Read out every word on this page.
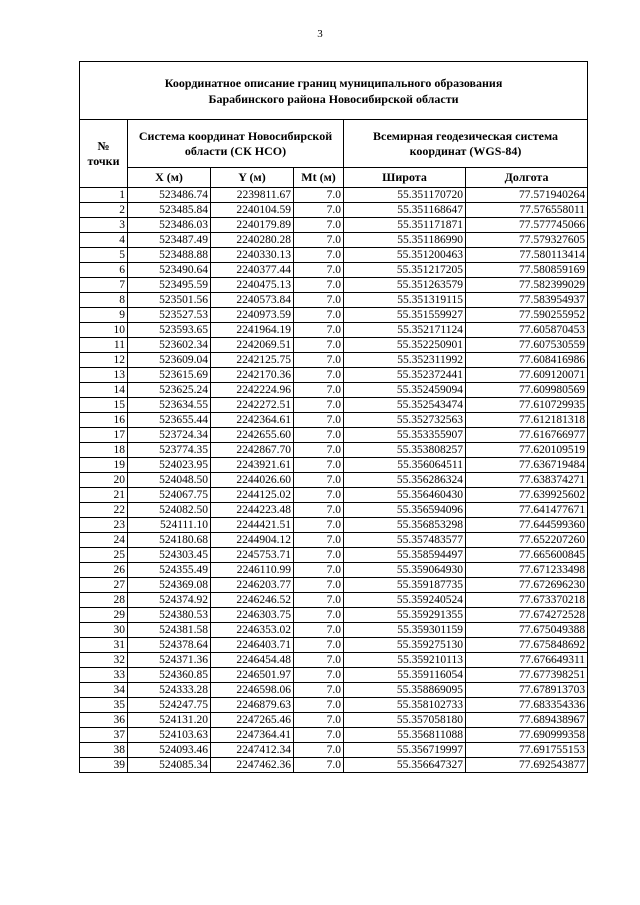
3
Координатное описание границ муниципального образования
Барабинского района Новосибирской области					

№
точки	Система координат Новосибирской области (СК НСО)			Всемирная геодезическая система координат (WGS-84)	
	X (м)	Y (м)	Mt (м)	Широта	Долгота
1	523486.74	2239811.67	7.0	55.351170720	77.571940264
2	523485.84	2240104.59	7.0	55.351168647	77.576558011
3	523486.03	2240179.89	7.0	55.351171871	77.577745066
4	523487.49	2240280.28	7.0	55.351186990	77.579327605
5	523488.88	2240330.13	7.0	55.351200463	77.580113414
6	523490.64	2240377.44	7.0	55.351217205	77.580859169
7	523495.59	2240475.13	7.0	55.351263579	77.582399029
8	523501.56	2240573.84	7.0	55.351319115	77.583954937
9	523527.53	2240973.59	7.0	55.351559927	77.590255952
10	523593.65	2241964.19	7.0	55.352171124	77.605870453
11	523602.34	2242069.51	7.0	55.352250901	77.607530559
12	523609.04	2242125.75	7.0	55.352311992	77.608416986
13	523615.69	2242170.36	7.0	55.352372441	77.609120071
14	523625.24	2242224.96	7.0	55.352459094	77.609980569
15	523634.55	2242272.51	7.0	55.352543474	77.610729935
16	523655.44	2242364.61	7.0	55.352732563	77.612181318
17	523724.34	2242655.60	7.0	55.353355907	77.616766977
18	523774.35	2242867.70	7.0	55.353808257	77.620109519
19	524023.95	2243921.61	7.0	55.356064511	77.636719484
20	524048.50	2244026.60	7.0	55.356286324	77.638374271
21	524067.75	2244125.02	7.0	55.356460430	77.639925602
22	524082.50	2244223.48	7.0	55.356594096	77.641477671
23	524111.10	2244421.51	7.0	55.356853298	77.644599360
24	524180.68	2244904.12	7.0	55.357483577	77.652207260
25	524303.45	2245753.71	7.0	55.358594497	77.665600845
26	524355.49	2246110.99	7.0	55.359064930	77.671233498
27	524369.08	2246203.77	7.0	55.359187735	77.672696230
28	524374.92	2246246.52	7.0	55.359240524	77.673370218
29	524380.53	2246303.75	7.0	55.359291355	77.674272528
30	524381.58	2246353.02	7.0	55.359301159	77.675049388
31	524378.64	2246403.71	7.0	55.359275130	77.675848692
32	524371.36	2246454.48	7.0	55.359210113	77.676649311
33	524360.85	2246501.97	7.0	55.359116054	77.677398251
34	524333.28	2246598.06	7.0	55.358869095	77.678913703
35	524247.75	2246879.63	7.0	55.358102733	77.683354336
36	524131.20	2247265.46	7.0	55.357058180	77.689438967
37	524103.63	2247364.41	7.0	55.356811088	77.690999358
38	524093.46	2247412.34	7.0	55.356719997	77.691755153
39	524085.34	2247462.36	7.0	55.356647327	77.692543877
